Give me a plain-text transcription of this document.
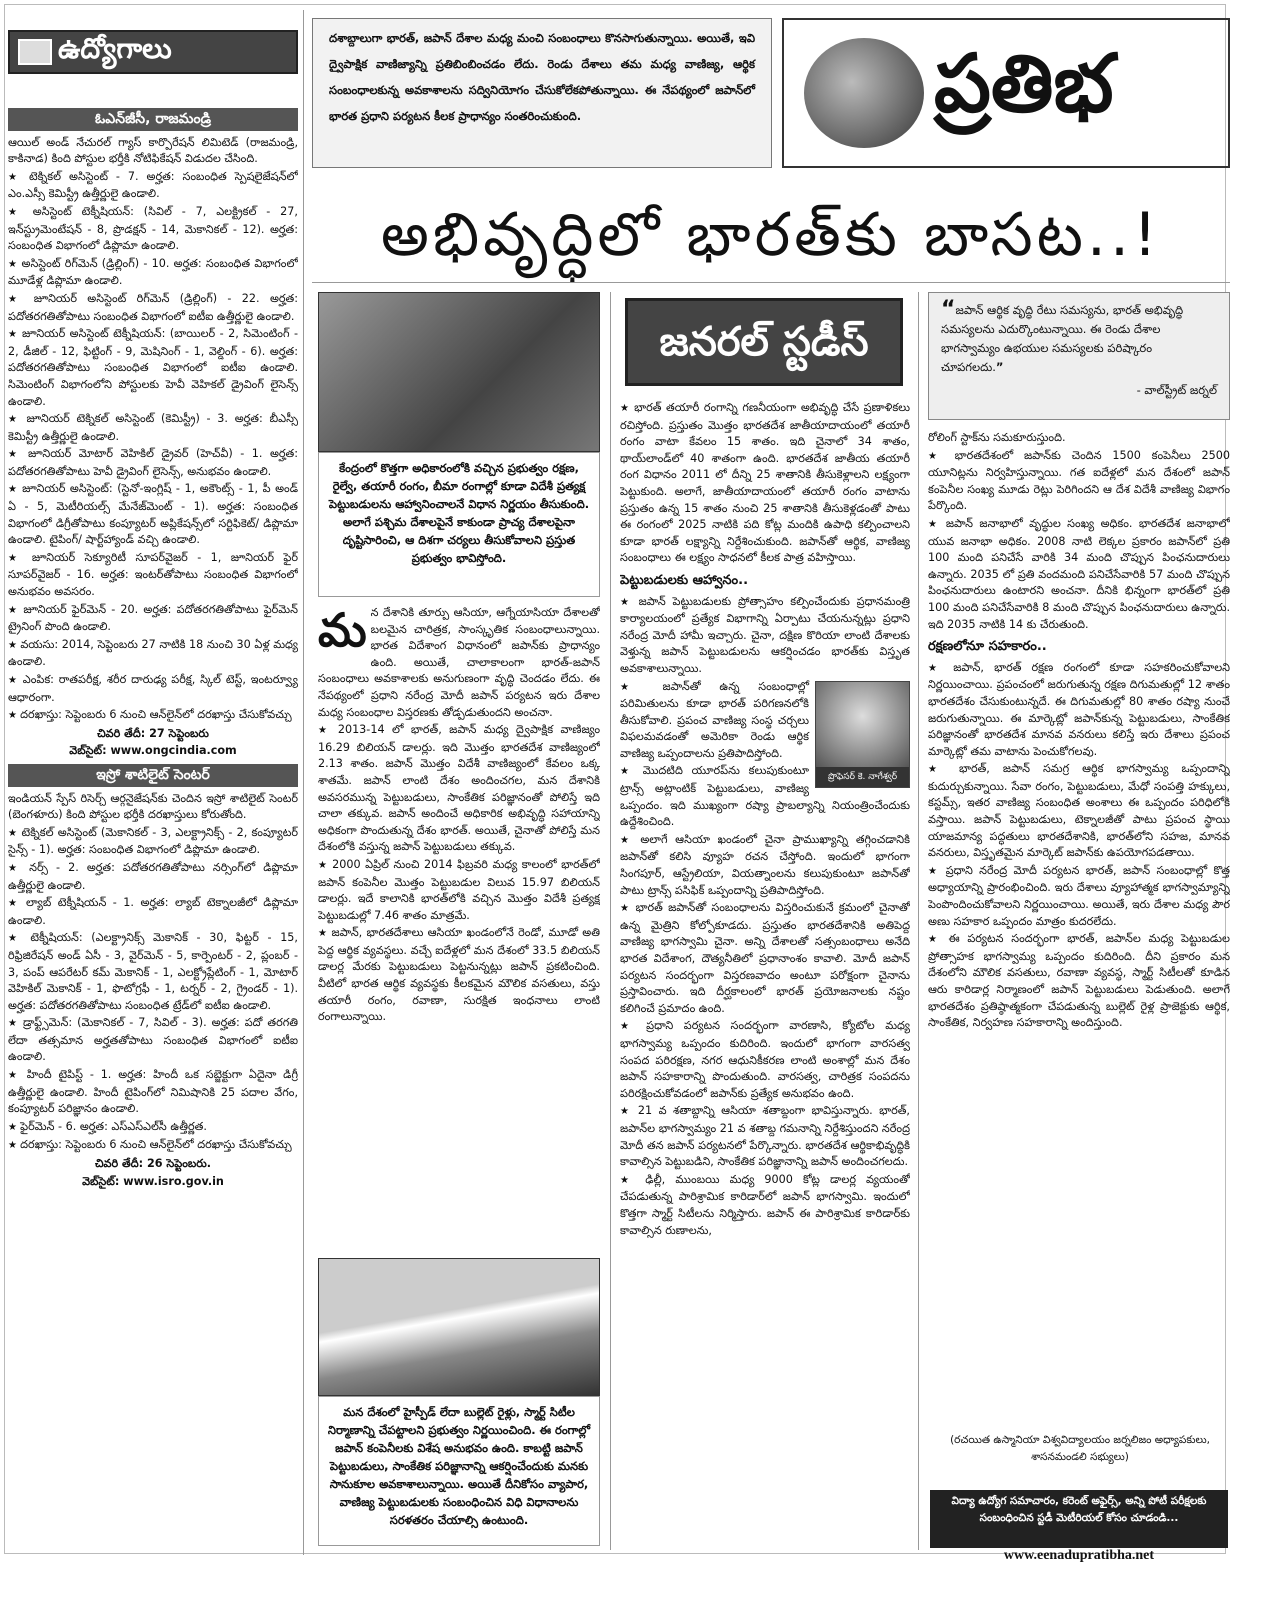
ఉద్యోగాలు
ఓఎన్‌జీసీ, రాజమండ్రి

ఆయిల్ అండ్ నేచురల్ గ్యాస్ కార్పొరేషన్ లిమిటెడ్ (రాజమండ్రి, కాకినాడ) కింది పోస్టుల భర్తీకి నోటిఫికేషన్ విడుదల చేసింది.

★ టెక్నికల్ అసిస్టెంట్ - 7. అర్హత: సంబంధిత స్పెషలైజేషన్‌లో ఎం.ఎస్సీ కెమిస్ట్రీ ఉత్తీర్ణులై ఉండాలి.

★ అసిస్టెంట్ టెక్నీషియన్: (సివిల్ - 7, ఎలక్ట్రికల్ - 27, ఇన్‌స్ట్రుమెంటేషన్ - 8, ప్రొడక్షన్ - 14, మెకానికల్ - 12). అర్హత: సంబంధిత విభాగంలో డిప్లొమా ఉండాలి.

★ అసిస్టెంట్ రిగ్‌మెన్ (డ్రిల్లింగ్) - 10. అర్హత: సంబంధిత విభాగంలో మూడేళ్ల డిప్లొమా ఉండాలి.

★ జూనియర్ అసిస్టెంట్ రిగ్‌మెన్ (డ్రిల్లింగ్) - 22. అర్హత: పదోతరగతితోపాటు సంబంధిత విభాగంలో ఐటీఐ ఉత్తీర్ణులై ఉండాలి.

★ జూనియర్ అసిస్టెంట్ టెక్నీషియన్: (బాయిలర్ - 2, సిమెంటింగ్ - 2, డీజిల్ - 12, ఫిట్టింగ్ - 9, మెషినింగ్ - 1, వెల్డింగ్ - 6). అర్హత: పదోతరగతితోపాటు సంబంధిత విభాగంలో ఐటీఐ ఉండాలి. సిమెంటింగ్ విభాగంలోని పోస్టులకు హెవీ వెహికల్ డ్రైవింగ్ లైసెన్స్ ఉండాలి.

★ జూనియర్ టెక్నికల్ అసిస్టెంట్ (కెమిస్ట్రీ) - 3. అర్హత: బీఎస్సీ కెమిస్ట్రీ ఉత్తీర్ణులై ఉండాలి.

★ జూనియర్ మోటార్ వెహికిల్ డ్రైవర్ (హెచ్‌వీ) - 1. అర్హత: పదోతరగతితోపాటు హెవీ డ్రైవింగ్ లైసెన్స్, అనుభవం ఉండాలి.

★ జూనియర్ అసిస్టెంట్: (స్టెనో-ఇంగ్లిష్ - 1, అకౌంట్స్ - 1, పీ అండ్ ఏ - 5, మెటీరియల్స్ మేనేజ్‌మెంట్ - 1). అర్హత: సంబంధిత విభాగంలో డిగ్రీతోపాటు కంప్యూటర్ అప్లికేషన్స్‌లో సర్టిఫికెట్/ డిప్లొమా ఉండాలి. టైపింగ్/ షార్ట్‌హ్యాండ్ వచ్చి ఉండాలి.

★ జూనియర్ సెక్యూరిటీ సూపర్‌వైజర్ - 1, జూనియర్ ఫైర్ సూపర్‌వైజర్ - 16. అర్హత: ఇంటర్‌తోపాటు సంబంధిత విభాగంలో అనుభవం అవసరం.

★ జూనియర్ ఫైర్‌మెన్ - 20. అర్హత: పదోతరగతితోపాటు ఫైర్‌మెన్ ట్రైనింగ్ పొంది ఉండాలి.

★ వయసు: 2014, సెప్టెంబరు 27 నాటికి 18 నుంచి 30 ఏళ్ల మధ్య ఉండాలి.

★ ఎంపిక: రాతపరీక్ష, శరీర దారుఢ్య పరీక్ష, స్కిల్ టెస్ట్, ఇంటర్వ్యూ ఆధారంగా.

★ దరఖాస్తు: సెప్టెంబరు 6 నుంచి ఆన్‌లైన్‌లో దరఖాస్తు చేసుకోవచ్చు

చివరి తేదీ: 27 సెప్టెంబరు

వెబ్‌సైట్: www.ongcindia.com

ఇస్రో శాటిలైట్ సెంటర్

ఇండియన్ స్పేస్ రిసెర్చ్ ఆర్గనైజేషన్‌కు చెందిన ఇస్రో శాటిలైట్ సెంటర్ (బెంగళూరు) కింది పోస్టుల భర్తీకి దరఖాస్తులు కోరుతోంది.

★ టెక్నికల్ అసిస్టెంట్ (మెకానికల్ - 3, ఎలక్ట్రానిక్స్ - 2, కంప్యూటర్ సైన్స్ - 1). అర్హత: సంబంధిత విభాగంలో డిప్లొమా ఉండాలి.

★ నర్స్ - 2. అర్హత: పదోతరగతితోపాటు నర్సింగ్‌లో డిప్లొమా ఉత్తీర్ణులై ఉండాలి.

★ ల్యాబ్ టెక్నీషియన్ - 1. అర్హత: ల్యాబ్ టెక్నాలజీలో డిప్లొమా ఉండాలి.

★ టెక్నీషియన్: (ఎలక్ట్రానిక్స్ మెకానిక్ - 30, ఫిట్టర్ - 15, రిఫ్రిజిరేషన్ అండ్ ఏసీ - 3, వైర్‌మెన్ - 5, కార్పెంటర్ - 2, ప్లంబర్ - 3, పంప్ ఆపరేటర్ కమ్ మెకానిక్ - 1, ఎలక్ట్రోప్లేటింగ్ - 1, మోటార్ వెహికిల్ మెకానిక్ - 1, ఫొటోగ్రఫీ - 1, టర్నర్ - 2, గ్రైండర్ - 1). అర్హత: పదోతరగతితోపాటు సంబంధిత ట్రేడ్‌లో ఐటీఐ ఉండాలి.

★ డ్రాఫ్ట్స్‌మెన్: (మెకానికల్ - 7, సివిల్ - 3). అర్హత: పదో తరగతి లేదా తత్సమాన అర్హతతోపాటు సంబంధిత విభాగంలో ఐటీఐ ఉండాలి.

★ హిందీ టైపిస్ట్ - 1. అర్హత: హిందీ ఒక సబ్జెక్టుగా ఏదైనా డిగ్రీ ఉత్తీర్ణులై ఉండాలి. హిందీ టైపింగ్‌లో నిమిషానికి 25 పదాల వేగం, కంప్యూటర్ పరిజ్ఞానం ఉండాలి.

★ ఫైర్‌మెన్ - 6. అర్హత: ఎస్ఎస్ఎల్‌సీ ఉత్తీర్ణత.

★ దరఖాస్తు: సెప్టెంబరు 6 నుంచి ఆన్‌లైన్‌లో దరఖాస్తు చేసుకోవచ్చు

చివరి తేదీ: 26 సెప్టెంబరు.

వెబ్‌సైట్: www.isro.gov.in

దశాబ్దాలుగా భారత్, జపాన్ దేశాల మధ్య మంచి సంబంధాలు కొనసాగుతున్నాయి. అయితే, ఇవి ద్వైపాక్షిక వాణిజ్యాన్ని ప్రతిబింబించడం లేదు. రెండు దేశాలు తమ మధ్య వాణిజ్య, ఆర్థిక సంబంధాలకున్న అవకాశాలను సద్వినియోగం చేసుకోలేకపోతున్నాయి. ఈ నేపథ్యంలో జపాన్‌లో భారత ప్రధాని పర్యటన కీలక ప్రాధాన్యం సంతరించుకుంది.	ప్రతిభ
అభివృద్ధిలో భారత్‌కు బాసట..!
కేంద్రంలో కొత్తగా అధికారంలోకి వచ్చిన ప్రభుత్వం రక్షణ, రైల్వే, తయారీ రంగం, బీమా రంగాల్లో కూడా విదేశీ ప్రత్యక్ష పెట్టుబడులను ఆహ్వానించాలనే విధాన నిర్ణయం తీసుకుంది. అలాగే పశ్చిమ దేశాలపైనే కాకుండా ప్రాచ్య దేశాలపైనా దృష్టిసారించి, ఆ దిశగా చర్యలు తీసుకోవాలని ప్రస్తుత ప్రభుత్వం భావిస్తోంది.

మన దేశానికి తూర్పు ఆసియా, ఆగ్నేయాసియా దేశాలతో బలమైన చారిత్రక, సాంస్కృతిక సంబంధాలున్నాయి. భారత విదేశాంగ విధానంలో జపాన్‌కు ప్రాధాన్యం ఉంది. అయితే, చాలాకాలంగా భారత్-జపాన్ సంబంధాలు అవకాశాలకు అనుగుణంగా వృద్ధి చెందడం లేదు. ఈ నేపథ్యంలో ప్రధాని నరేంద్ర మోదీ జపాన్ పర్యటన ఇరు దేశాల మధ్య సంబంధాల విస్తరణకు తోడ్పడుతుందని అంచనా.

★ 2013-14 లో భారత్, జపాన్ మధ్య ద్వైపాక్షిక వాణిజ్యం 16.29 బిలియన్ డాలర్లు. ఇది మొత్తం భారతదేశ వాణిజ్యంలో 2.13 శాతం. జపాన్ మొత్తం విదేశీ వాణిజ్యంలో కేవలం ఒక్క శాతమే. జపాన్ లాంటి దేశం అందించగల, మన దేశానికి అవసరమున్న పెట్టుబడులు, సాంకేతిక పరిజ్ఞానంతో పోలిస్తే ఇది చాలా తక్కువ. జపాన్ అందించే అధికారిక అభివృద్ధి సహాయాన్ని అధికంగా పొందుతున్న దేశం భారత్. అయితే, చైనాతో పోలిస్తే మన దేశంలోకి వస్తున్న జపాన్ పెట్టుబడులు తక్కువ.

★ 2000 ఏప్రిల్ నుంచి 2014 ఫిబ్రవరి మధ్య కాలంలో భారత్‌లో జపాన్ కంపెనీల మొత్తం పెట్టుబడుల విలువ 15.97 బిలియన్ డాలర్లు. ఇదే కాలానికి భారత్‌లోకి వచ్చిన మొత్తం విదేశీ ప్రత్యక్ష పెట్టుబడుల్లో 7.46 శాతం మాత్రమే.

★ జపాన్, భారతదేశాలు ఆసియా ఖండంలోనే రెండో, మూడో అతి పెద్ద ఆర్థిక వ్యవస్థలు. వచ్చే ఐదేళ్లలో మన దేశంలో 33.5 బిలియన్ డాలర్ల మేరకు పెట్టుబడులు పెట్టనున్నట్లు జపాన్ ప్రకటించింది. వీటిలో భారత ఆర్థిక వ్యవస్థకు కీలకమైన మౌలిక వసతులు, వస్తు తయారీ రంగం, రవాణా, సురక్షిత ఇంధనాలు లాంటి రంగాలున్నాయి.

మన దేశంలో హైస్పీడ్ లేదా బుల్లెట్ రైళ్లు, స్మార్ట్ సిటీల నిర్మాణాన్ని చేపట్టాలని ప్రభుత్వం నిర్ణయించింది. ఈ రంగాల్లో జపాన్ కంపెనీలకు విశేష అనుభవం ఉంది. కాబట్టి జపాన్ పెట్టుబడులు, సాంకేతిక పరిజ్ఞానాన్ని ఆకర్షించేందుకు మనకు సానుకూల అవకాశాలున్నాయి. అయితే దీనికోసం వ్యాపార, వాణిజ్య పెట్టుబడులకు సంబంధించిన విధి విధానాలను సరళతరం చేయాల్సి ఉంటుంది.
జనరల్ స్టడీస్

★ భారత్ తయారీ రంగాన్ని గణనీయంగా అభివృద్ధి చేసే ప్రణాళికలు రచిస్తోంది. ప్రస్తుతం మొత్తం భారతదేశ జాతీయాదాయంలో తయారీ రంగం వాటా కేవలం 15 శాతం. ఇది చైనాలో 34 శాతం, థాయ్‌లాండ్‌లో 40 శాతంగా ఉంది. భారతదేశ జాతీయ తయారీ రంగ విధానం 2011 లో దీన్ని 25 శాతానికి తీసుకెళ్లాలని లక్ష్యంగా పెట్టుకుంది. అలాగే, జాతీయాదాయంలో తయారీ రంగం వాటాను ప్రస్తుతం ఉన్న 15 శాతం నుంచి 25 శాతానికి తీసుకెళ్లడంతో పాటు ఈ రంగంలో 2025 నాటికి పది కోట్ల మందికి ఉపాధి కల్పించాలని కూడా భారత్ లక్ష్యాన్ని నిర్దేశించుకుంది. జపాన్‌తో ఆర్థిక, వాణిజ్య సంబంధాలు ఈ లక్ష్యం సాధనలో కీలక పాత్ర వహిస్తాయి.

పెట్టుబడులకు ఆహ్వానం..

★ జపాన్ పెట్టుబడులకు ప్రోత్సాహం కల్పించేందుకు ప్రధానమంత్రి కార్యాలయంలో ప్రత్యేక విభాగాన్ని ఏర్పాటు చేయనున్నట్లు ప్రధాని నరేంద్ర మోదీ హామీ ఇచ్చారు. చైనా, దక్షిణ కొరియా లాంటి దేశాలకు వెళ్తున్న జపాన్ పెట్టుబడులను ఆకర్షించడం భారత్‌కు విస్తృత అవకాశాలున్నాయి.

ప్రొఫెసర్ కె. నాగేశ్వర్

★ జపాన్‌తో ఉన్న సంబంధాల్లో పరిమితులను కూడా భారత్ పరిగణనలోకి తీసుకోవాలి. ప్రపంచ వాణిజ్య సంస్థ చర్చలు విఫలమవడంతో అమెరికా రెండు ఆర్థిక వాణిజ్య ఒప్పందాలను ప్రతిపాదిస్తోంది.

★ మొదటిది యూరప్‌ను కలుపుకుంటూ ట్రాన్స్ అట్లాంటిక్ పెట్టుబడులు, వాణిజ్య ఒప్పందం. ఇది ముఖ్యంగా రష్యా ప్రాబల్యాన్ని నియంత్రించేందుకు ఉద్దేశించింది.

★ అలాగే ఆసియా ఖండంలో చైనా ప్రాముఖ్యాన్ని తగ్గించడానికి జపాన్‌తో కలిసి వ్యూహ రచన చేస్తోంది. ఇందులో భాగంగా సింగపూర్, ఆస్ట్రేలియా, వియత్నాంలను కలుపుకుంటూ జపాన్‌తో పాటు ట్రాన్స్ పసిఫిక్ ఒప్పందాన్ని ప్రతిపాదిస్తోంది.

★ భారత్ జపాన్‌తో సంబంధాలను విస్తరించుకునే క్రమంలో చైనాతో ఉన్న మైత్రిని కోల్పోకూడదు. ప్రస్తుతం భారతదేశానికి అతిపెద్ద వాణిజ్య భాగస్వామి చైనా. అన్ని దేశాలతో సత్సంబంధాలు అనేది భారత విదేశాంగ, దౌత్యనీతిలో ప్రధానాంశం కావాలి. మోదీ జపాన్ పర్యటన సందర్భంగా విస్తరణవాదం అంటూ పరోక్షంగా చైనాను ప్రస్తావించారు. ఇది దీర్ఘకాలంలో భారత్ ప్రయోజనాలకు నష్టం కలిగించే ప్రమాదం ఉంది.

★ ప్రధాని పర్యటన సందర్భంగా వారణాసి, క్యోటోల మధ్య భాగస్వామ్య ఒప్పందం కుదిరింది. ఇందులో భాగంగా వారసత్వ సంపద పరిరక్షణ, నగర ఆధునికీకరణ లాంటి అంశాల్లో మన దేశం జపాన్ సహకారాన్ని పొందుతుంది. వారసత్వ, చారిత్రక సంపదను పరిరక్షించుకోవడంలో జపాన్‌కు ప్రత్యేక అనుభవం ఉంది.

★ 21 వ శతాబ్దాన్ని ఆసియా శతాబ్దంగా భావిస్తున్నారు. భారత్, జపాన్‌ల భాగస్వామ్యం 21 వ శతాబ్ద గమనాన్ని నిర్దేశిస్తుందని నరేంద్ర మోదీ తన జపాన్ పర్యటనలో పేర్కొన్నారు. భారతదేశ ఆర్థికాభివృద్ధికి కావాల్సిన పెట్టుబడిని, సాంకేతిక పరిజ్ఞానాన్ని జపాన్ అందించగలదు.

★ ఢిల్లీ, ముంబయి మధ్య 9000 కోట్ల డాలర్ల వ్యయంతో చేపడుతున్న పారిశ్రామిక కారిడార్‌లో జపాన్ భాగస్వామి. ఇందులో కొత్తగా స్మార్ట్ సిటీలను నిర్మిస్తారు. జపాన్ ఈ పారిశ్రామిక కారిడార్‌కు కావాల్సిన రుణాలను,

“ జపాన్ ఆర్థిక వృద్ధి రేటు సమస్యను, భారత్ అభివృద్ధి సమస్యలను ఎదుర్కొంటున్నాయి. ఈ రెండు దేశాల భాగస్వామ్యం ఉభయుల సమస్యలకు పరిష్కారం చూపగలదు.”
- వాల్‌స్ట్రీట్ జర్నల్

రోలింగ్ స్టాక్‌ను సమకూరుస్తుంది.

★ భారతదేశంలో జపాన్‌కు చెందిన 1500 కంపెనీలు 2500 యూనిట్లను నిర్వహిస్తున్నాయి. గత ఐదేళ్లలో మన దేశంలో జపాన్ కంపెనీల సంఖ్య మూడు రెట్లు పెరిగిందని ఆ దేశ విదేశీ వాణిజ్య విభాగం పేర్కొంది.

★ జపాన్ జనాభాలో వృద్ధుల సంఖ్య అధికం. భారతదేశ జనాభాలో యువ జనాభా అధికం. 2008 నాటి లెక్కల ప్రకారం జపాన్‌లో ప్రతి 100 మంది పనిచేసే వారికి 34 మంది చొప్పున పింఛనుదారులు ఉన్నారు. 2035 లో ప్రతి వందమంది పనిచేసేవారికి 57 మంది చొప్పున పింఛనుదారులు ఉంటారని అంచనా. దీనికి భిన్నంగా భారత్‌లో ప్రతి 100 మంది పనిచేసేవారికి 8 మంది చొప్పున పింఛనుదారులు ఉన్నారు. ఇది 2035 నాటికి 14 కు చేరుతుంది.

రక్షణలోనూ సహకారం..

★ జపాన్, భారత్ రక్షణ రంగంలో కూడా సహకరించుకోవాలని నిర్ణయించాయి. ప్రపంచంలో జరుగుతున్న రక్షణ దిగుమతుల్లో 12 శాతం భారతదేశం చేసుకుంటున్నదే. ఈ దిగుమతుల్లో 80 శాతం రష్యా నుంచే జరుగుతున్నాయి. ఈ మార్కెట్లో జపాన్‌కున్న పెట్టుబడులు, సాంకేతిక పరిజ్ఞానంతో భారతదేశ మానవ వనరులు కలిస్తే ఇరు దేశాలు ప్రపంచ మార్కెట్లో తమ వాటాను పెంచుకోగలవు.

★ భారత్, జపాన్ సమగ్ర ఆర్థిక భాగస్వామ్య ఒప్పందాన్ని కుదుర్చుకున్నాయి. సేవా రంగం, పెట్టుబడులు, మేధో సంపత్తి హక్కులు, కస్టమ్స్, ఇతర వాణిజ్య సంబంధిత అంశాలు ఈ ఒప్పందం పరిధిలోకి వస్తాయి. జపాన్ పెట్టుబడులు, టెక్నాలజీతో పాటు ప్రపంచ స్థాయి యాజమాన్య పద్ధతులు భారతదేశానికి, భారత్‌లోని సహజ, మానవ వనరులు, విస్తృతమైన మార్కెట్ జపాన్‌కు ఉపయోగపడతాయి.

★ ప్రధాని నరేంద్ర మోదీ పర్యటన భారత్, జపాన్ సంబంధాల్లో కొత్త అధ్యాయాన్ని ప్రారంభించింది. ఇరు దేశాలు వ్యూహాత్మక భాగస్వామ్యాన్ని పెంపొందించుకోవాలని నిర్ణయించాయి. అయితే, ఇరు దేశాల మధ్య పౌర అణు సహకార ఒప్పందం మాత్రం కుదరలేదు.

★ ఈ పర్యటన సందర్భంగా భారత్, జపాన్‌ల మధ్య పెట్టుబడుల ప్రోత్సాహక భాగస్వామ్య ఒప్పందం కుదిరింది. దీని ప్రకారం మన దేశంలోని మౌలిక వసతులు, రవాణా వ్యవస్థ, స్మార్ట్ సిటీలతో కూడిన ఆరు కారిడార్ల నిర్మాణంలో జపాన్ పెట్టుబడులు పెడుతుంది. అలాగే భారతదేశం ప్రతిష్ఠాత్మకంగా చేపడుతున్న బుల్లెట్ రైళ్ల ప్రాజెక్టుకు ఆర్థిక, సాంకేతిక, నిర్వహణ సహకారాన్ని అందిస్తుంది.

(రచయిత ఉస్మానియా విశ్వవిద్యాలయం జర్నలిజం అధ్యాపకులు, శాసనమండలి సభ్యులు)
విద్యా ఉద్యోగ సమాచారం, కరెంట్ అఫైర్స్, అన్ని పోటీ పరీక్షలకు సంబంధించిన స్టడీ మెటీరియల్ కోసం చూడండి...
www.eenadupratibha.net
